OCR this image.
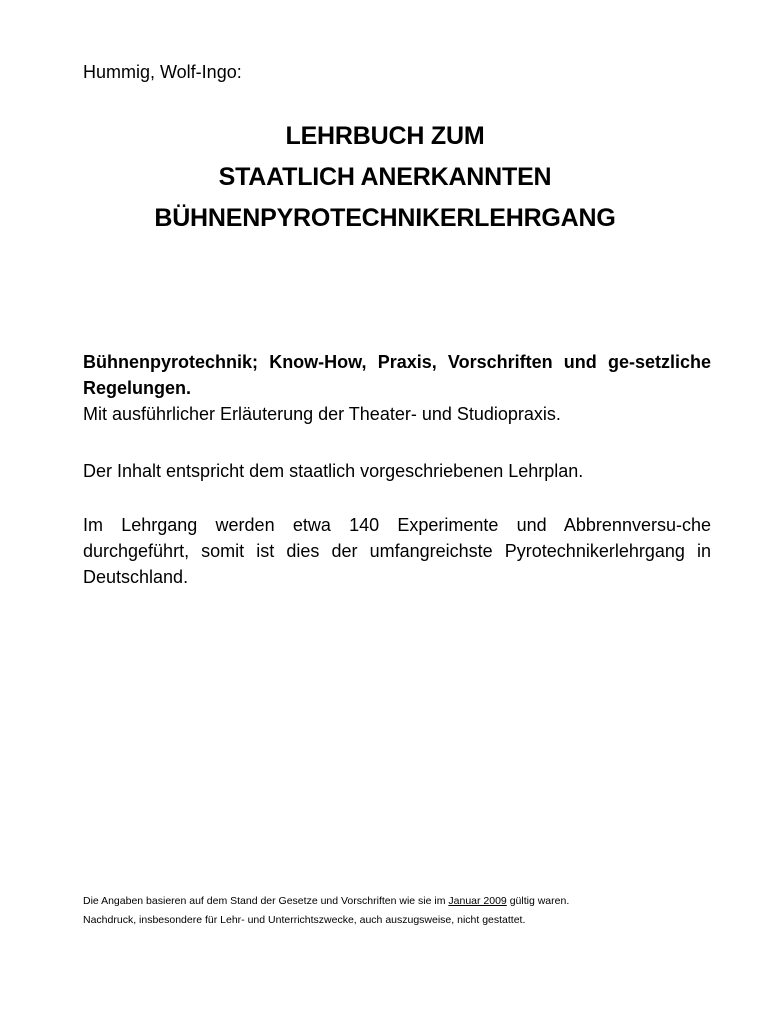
Hummig, Wolf-Ingo:
LEHRBUCH ZUM
STAATLICH ANERKANNTEN
BÜHNENPYROTECHNIKERLEHRGANG
Bühnenpyrotechnik; Know-How, Praxis, Vorschriften und ge-setzliche Regelungen.
Mit ausführlicher Erläuterung der Theater- und Studiopraxis.
Der Inhalt entspricht dem staatlich vorgeschriebenen Lehrplan.
Im Lehrgang werden etwa 140 Experimente und Abbrennversu-che durchgeführt, somit ist dies der umfangreichste Pyrotechnikerlehrgang in Deutschland.
Die Angaben basieren auf dem Stand der Gesetze und Vorschriften wie sie im Januar 2009 gültig waren.
Nachdruck, insbesondere für Lehr- und Unterrichtszwecke, auch auszugsweise, nicht gestattet.
